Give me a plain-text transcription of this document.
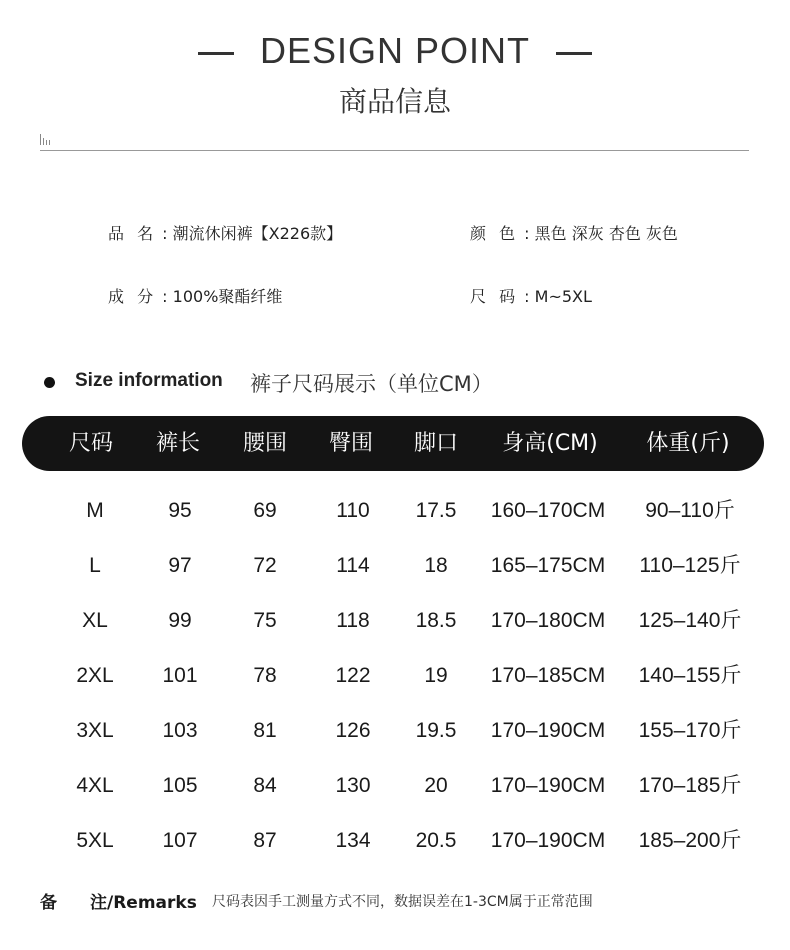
DESIGN POINT
商品信息
品 名 : 潮流休闲裤【X226款】	颜 色 : 黑色 深灰 杏色 灰色
成 分 : 100%聚酯纤维	尺 码 : M~5XL
Size information 裤子尺码展示（单位CM）
尺码 裤长 腰围 臀围 脚口 身高(CM) 体重(斤)
M	95	69	110 17.5 160–170CM 90–110斤
L	97	72	114	18 165–175CM 110–125斤
XL	99	75	118 18.5 170–180CM 125–140斤
2XL 101	78	122	19 170–185CM 140–155斤
3XL 103	81	126 19.5 170–190CM 155–170斤
4XL 105	84	130	20 170–190CM 170–185斤
5XL 107	87	134 20.5 170–190CM 185–200斤
备 注/Remarks 尺码表因手工测量方式不同，数据误差在1-3CM属于正常范围
